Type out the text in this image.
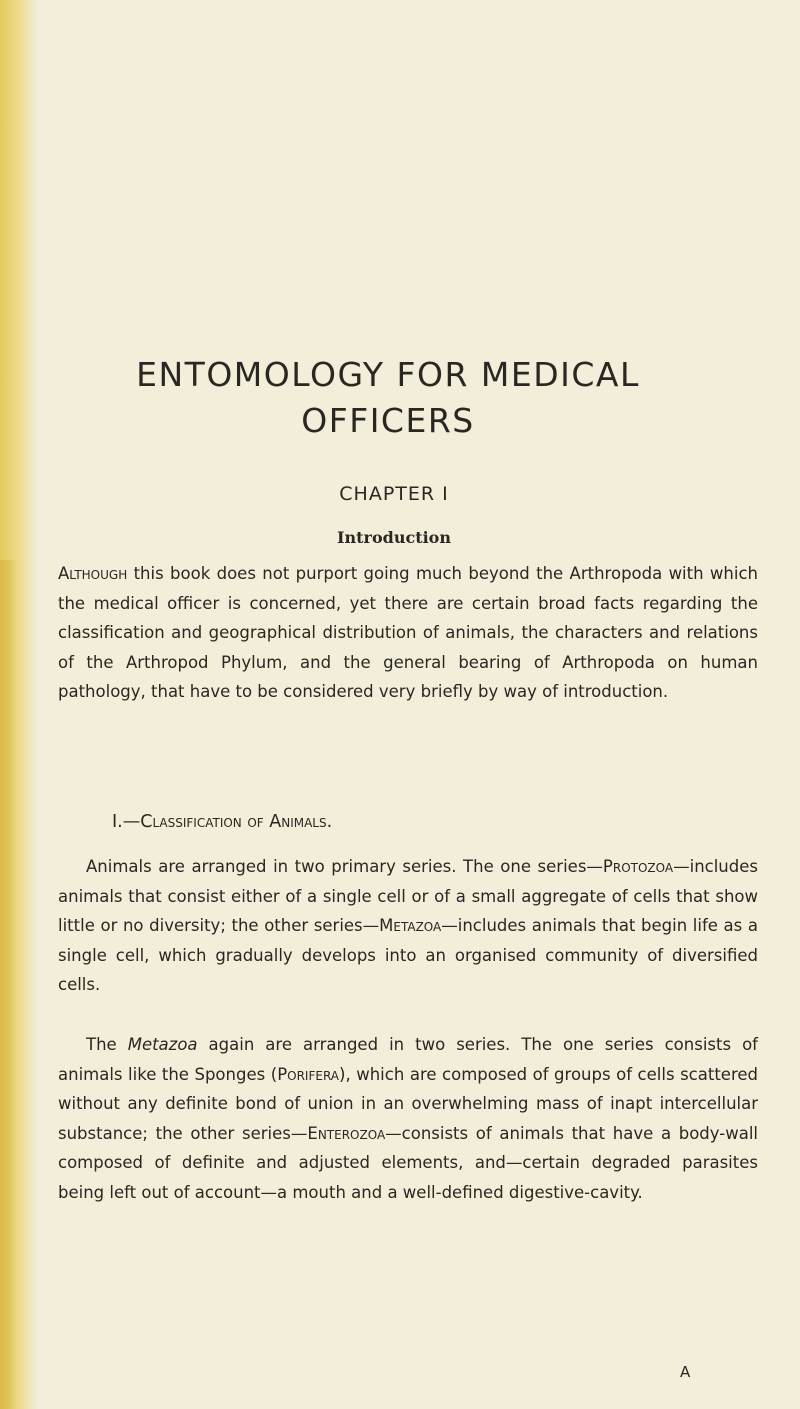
ENTOMOLOGY FOR MEDICAL
OFFICERS
CHAPTER I
Introduction

Although this book does not purport going much beyond the Arthropoda with which the medical officer is concerned, yet there are certain broad facts regarding the classification and geographical distribution of animals, the characters and relations of the Arthropod Phylum, and the general bearing of Arthropoda on human pathology, that have to be considered very briefly by way of introduction.

I.—Classification of Animals.

Animals are arranged in two primary series. The one series—Protozoa—includes animals that consist either of a single cell or of a small aggregate of cells that show little or no diversity; the other series—Metazoa—includes animals that begin life as a single cell, which gradually develops into an organised community of diversified cells.

The Metazoa again are arranged in two series. The one series consists of animals like the Sponges (Porifera), which are composed of groups of cells scattered without any definite bond of union in an overwhelming mass of inapt intercellular substance; the other series—Enterozoa—consists of animals that have a body-wall composed of definite and adjusted elements, and—certain degraded parasites being left out of account—a mouth and a well-defined digestive-cavity.

A
